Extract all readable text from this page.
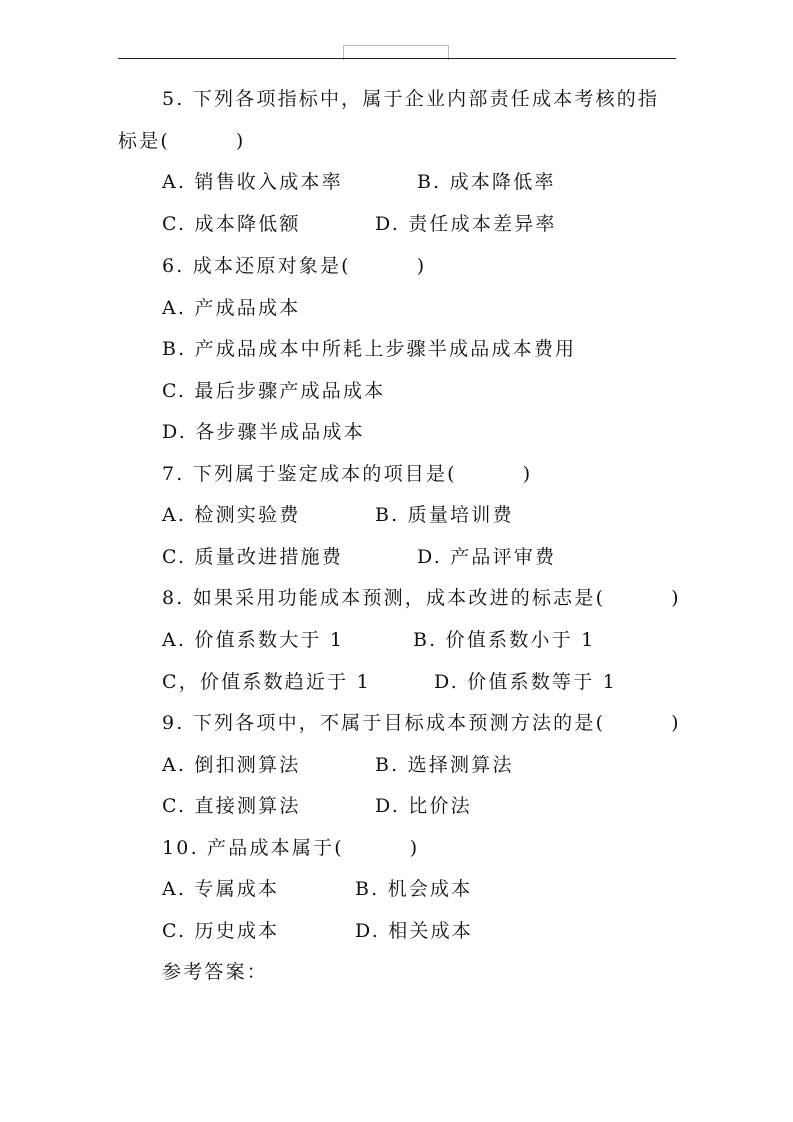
5. 下列各项指标中，属于企业内部责任成本考核的指
标是(        )
A. 销售收入成本率	B. 成本降低率
C. 成本降低额	D. 责任成本差异率
6. 成本还原对象是(        )
A. 产成品成本
B. 产成品成本中所耗上步骤半成品成本费用
C. 最后步骤产成品成本
D. 各步骤半成品成本
7. 下列属于鉴定成本的项目是(        )
A. 检测实验费	B. 质量培训费
C. 质量改进措施费	D. 产品评审费
8. 如果采用功能成本预测，成本改进的标志是(        )
A. 价值系数大于 1	B. 价值系数小于 1
C，价值系数趋近于 1	D. 价值系数等于 1
9. 下列各项中，不属于目标成本预测方法的是(        )
A. 倒扣测算法	B. 选择测算法
C. 直接测算法	D. 比价法
10. 产品成本属于(        )
A. 专属成本	B. 机会成本
C. 历史成本	D. 相关成本
参考答案：
